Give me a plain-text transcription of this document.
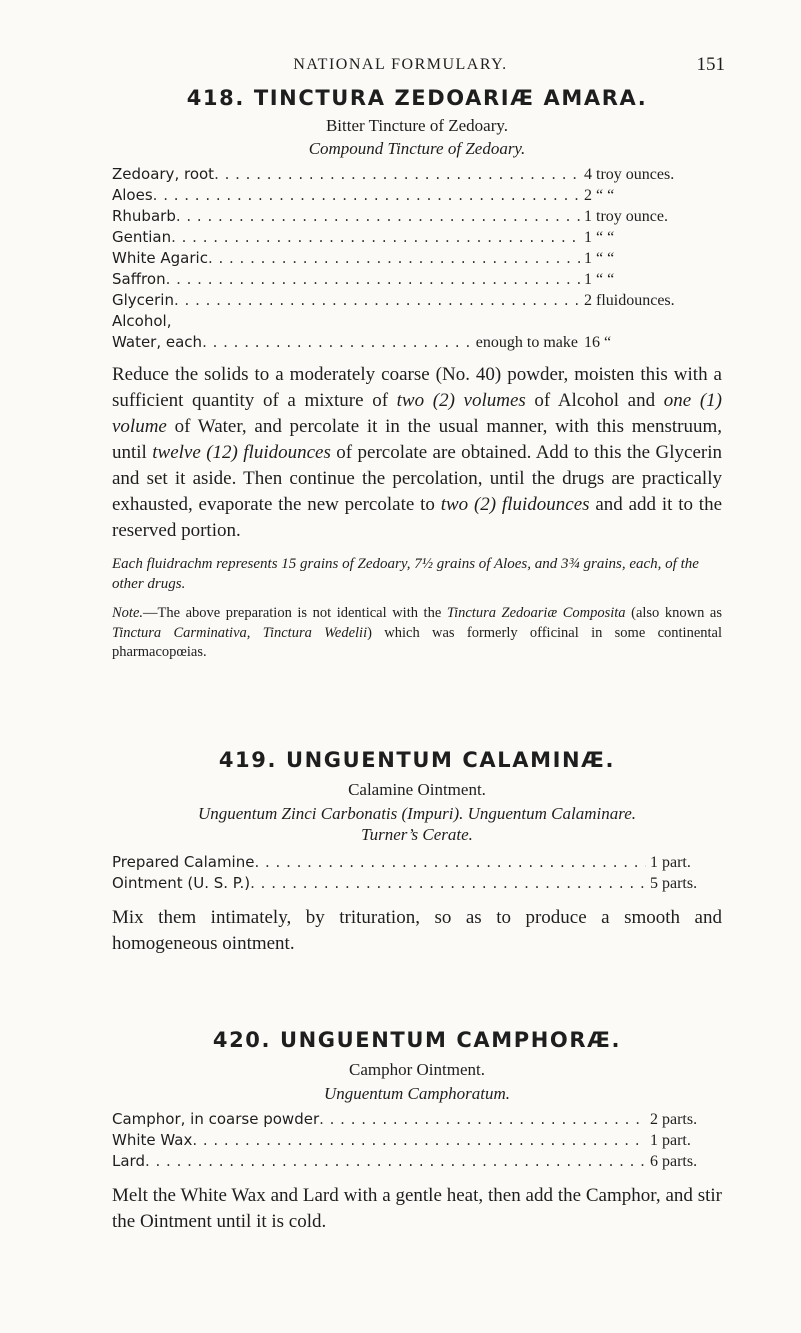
NATIONAL FORMULARY.	151
418. TINCTURA ZEDOARIÆ AMARA.

Bitter Tincture of Zedoary.

Compound Tincture of Zedoary.

Zedoary, root . . .	4 troy ounces.
Aloes . . .	2 “ “
Rhubarb . . .	1 troy ounce.
Gentian . . .	1 “ “
White Agaric . . .	1 “ “
Saffron . . .	1 “ “
Glycerin . . .	2 fluidounces.
Alcohol,
Water, each . . .	enough to make 16 “

Reduce the solids to a moderately coarse (No. 40) powder, moisten this with a sufficient quantity of a mixture of two (2) volumes of Alcohol and one (1) volume of Water, and percolate it in the usual manner, with this menstruum, until twelve (12) fluidounces of percolate are obtained. Add to this the Glycerin and set it aside. Then continue the percolation, until the drugs are practically exhausted, evaporate the new percolate to two (2) fluidounces and add it to the reserved portion.

Each fluidrachm represents 15 grains of Zedoary, 7½ grains of Aloes, and 3¾ grains, each, of the other drugs.

Note.—The above preparation is not identical with the Tinctura Zedoariæ Composita (also known as Tinctura Carminativa, Tinctura Wedelii) which was formerly officinal in some continental pharmacopœias.

419. UNGUENTUM CALAMINÆ.

Calamine Ointment.

Unguentum Zinci Carbonatis (Impuri). Unguentum Calaminare.

Turner’s Cerate.

Prepared Calamine . . .	1 part.
Ointment (U. S. P.) . . .	5 parts.

Mix them intimately, by trituration, so as to produce a smooth and homogeneous ointment.

420. UNGUENTUM CAMPHORÆ.

Camphor Ointment.

Unguentum Camphoratum.

Camphor, in coarse powder . . .	2 parts.
White Wax . . .	1 part.
Lard . . .	6 parts.

Melt the White Wax and Lard with a gentle heat, then add the Camphor, and stir the Ointment until it is cold.
